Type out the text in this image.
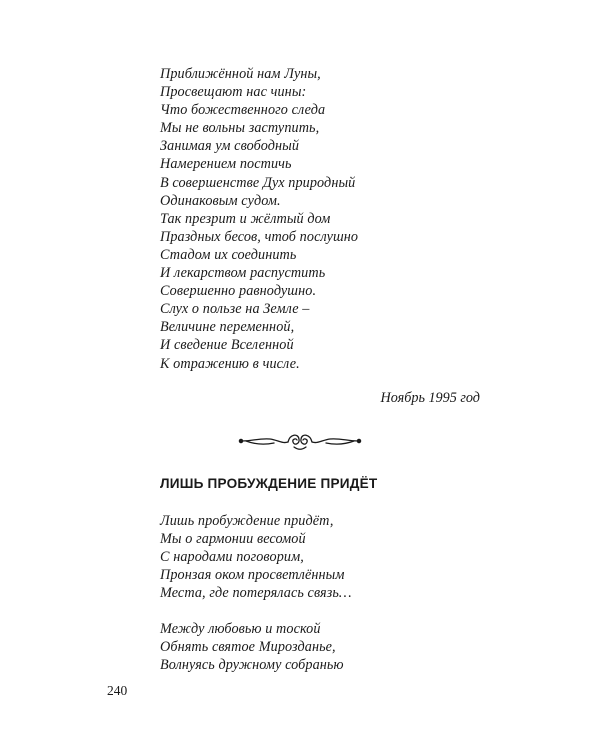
Приближённой нам Луны,
Просвещают нас чины:
Что божественного следа
Мы не вольны заступить,
Занимая ум свободный
Намерением постичь
В совершенстве Дух природный
Одинаковым судом.
Так презрит и жёлтый дом
Праздных бесов, чтоб послушно
Стадом их соединить
И лекарством распустить
Совершенно равнодушно.
Слух о пользе на Земле –
Величине переменной,
И сведение Вселенной
К отражению в числе.
Ноябрь 1995 год
ЛИШЬ ПРОБУЖДЕНИЕ ПРИДЁТ
Лишь пробуждение придёт,
Мы о гармонии весомой
С народами поговорим,
Пронзая оком просветлённым
Места, где потерялась связь…
Между любовью и тоской
Обнять святое Мирозданье,
Волнуясь дружному собранью
240
